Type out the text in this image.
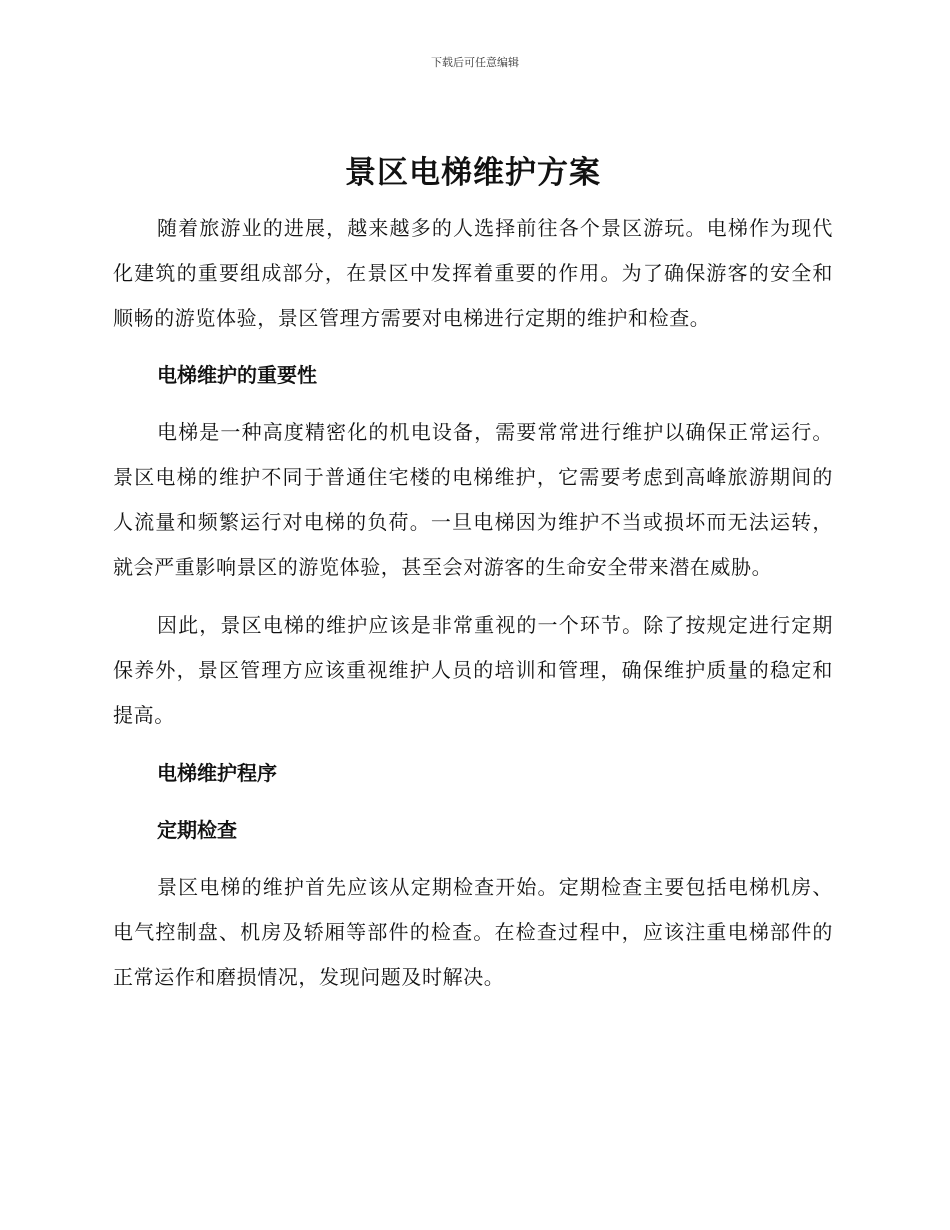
下载后可任意编辑
景区电梯维护方案

随着旅游业的进展，越来越多的人选择前往各个景区游玩。电梯作为现代化建筑的重要组成部分，在景区中发挥着重要的作用。为了确保游客的安全和顺畅的游览体验，景区管理方需要对电梯进行定期的维护和检查。

电梯维护的重要性

电梯是一种高度精密化的机电设备，需要常常进行维护以确保正常运行。景区电梯的维护不同于普通住宅楼的电梯维护，它需要考虑到高峰旅游期间的人流量和频繁运行对电梯的负荷。一旦电梯因为维护不当或损坏而无法运转，就会严重影响景区的游览体验，甚至会对游客的生命安全带来潜在威胁。

因此，景区电梯的维护应该是非常重视的一个环节。除了按规定进行定期保养外，景区管理方应该重视维护人员的培训和管理，确保维护质量的稳定和提高。

电梯维护程序

定期检查

景区电梯的维护首先应该从定期检查开始。定期检查主要包括电梯机房、电气控制盘、机房及轿厢等部件的检查。在检查过程中，应该注重电梯部件的正常运作和磨损情况，发现问题及时解决。
